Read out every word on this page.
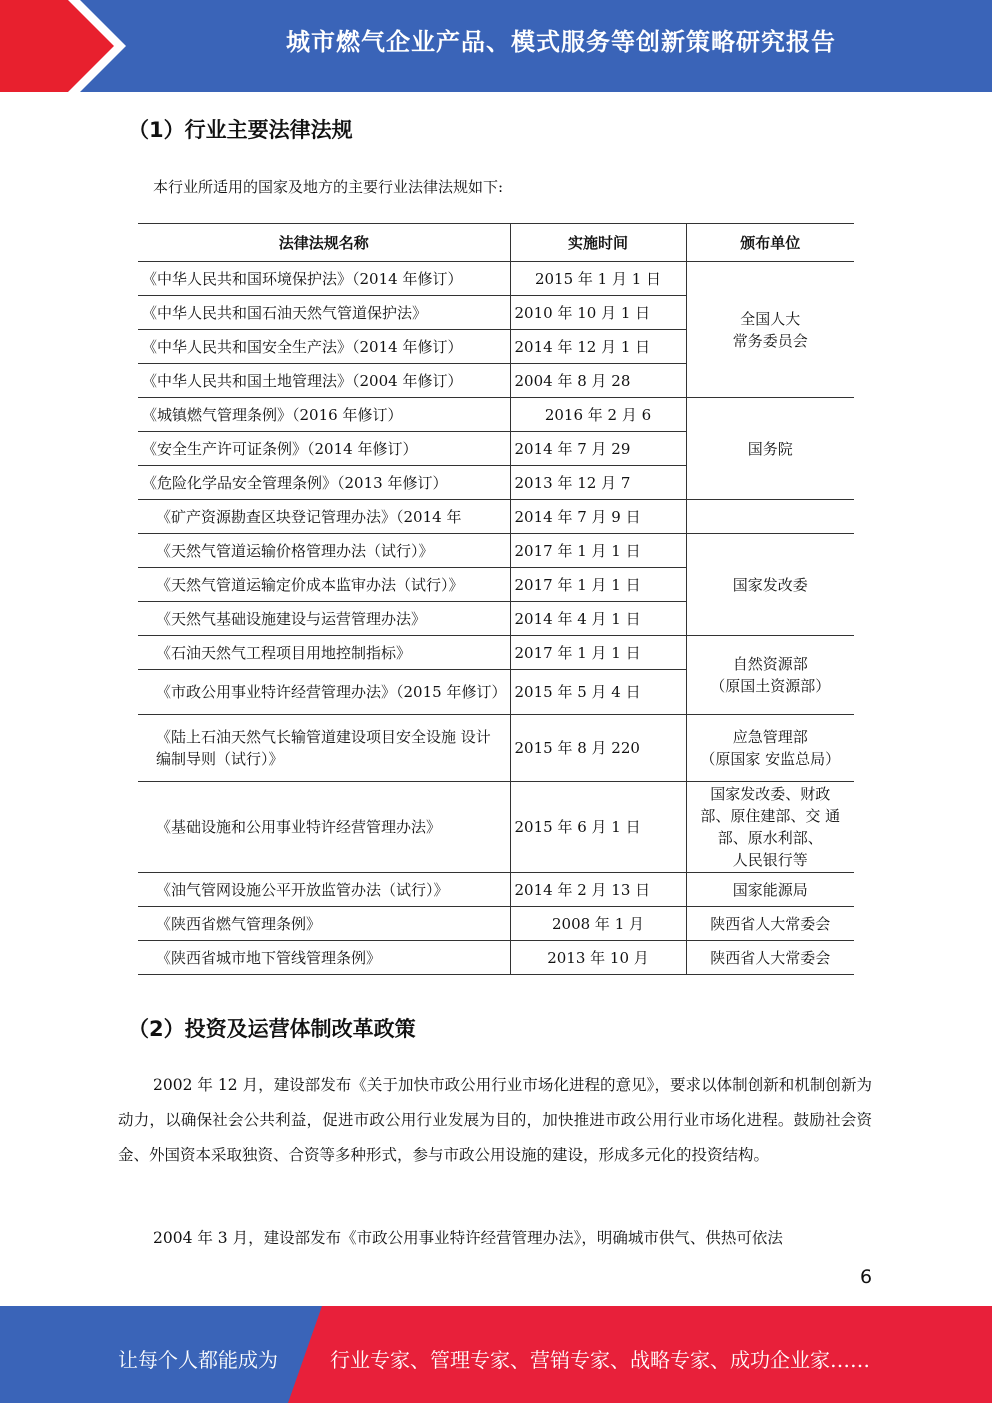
城市燃气企业产品、模式服务等创新策略研究报告
（1）行业主要法律法规
本行业所适用的国家及地方的主要行业法律法规如下:
法律法规名称	实施时间	颁布单位
《中华人民共和国环境保护法》（2014 年修订）	2015 年 1 月 1 日	全国人大
常务委员会

《中华人民共和国石油天然气管道保护法》	2010 年 10 月 1 日	
《中华人民共和国安全生产法》（2014 年修订）	2014 年 12 月 1 日	
《中华人民共和国土地管理法》（2004 年修订）	2004 年 8 月 28	
《城镇燃气管理条例》（2016 年修订）	2016 年 2 月 6	国务院
《安全生产许可证条例》（2014 年修订）	2014 年 7 月 29	
《危险化学品安全管理条例》（2013 年修订）	2013 年 12 月 7	
《矿产资源勘查区块登记管理办法》（2014 年	2014 年 7 月 9 日	
《天然气管道运输价格管理办法（试行）》	2017 年 1 月 1 日	国家发改委
《天然气管道运输定价成本监审办法（试行）》	2017 年 1 月 1 日	
《天然气基础设施建设与运营管理办法》	2014 年 4 月 1 日	
《石油天然气工程项目用地控制指标》	2017 年 1 月 1 日	自然资源部
（原国土资源部）

《市政公用事业特许经营管理办法》（2015 年修订）	2015 年 5 月 4 日	
《陆上石油天然气长输管道建设项目安全设施 设计编制导则（试行）》	2015 年 8 月 220	应急管理部
（原国家 安监总局）

《基础设施和公用事业特许经营管理办法》	2015 年 6 月 1 日	国家发改委、财政
部、原住建部、交 通
部、原水利部、
人民银行等

《油气管网设施公平开放监管办法（试行）》	2014 年 2 月 13 日	国家能源局
《陕西省燃气管理条例》	2008 年 1 月	陕西省人大常委会
《陕西省城市地下管线管理条例》	2013 年 10 月	陕西省人大常委会
（2）投资及运营体制改革政策
2002 年 12 月，建设部发布《关于加快市政公用行业市场化进程的意见》，要求以体制创新和机制创新为动力，以确保社会公共利益，促进市政公用行业发展为目的，加快推进市政公用行业市场化进程。鼓励社会资金、外国资本采取独资、合资等多种形式，参与市政公用设施的建设，形成多元化的投资结构。
2004 年 3 月，建设部发布《市政公用事业特许经营管理办法》，明确城市供气、供热可依法
6
让每个人都能成为	行业专家、管理专家、营销专家、战略专家、成功企业家……
